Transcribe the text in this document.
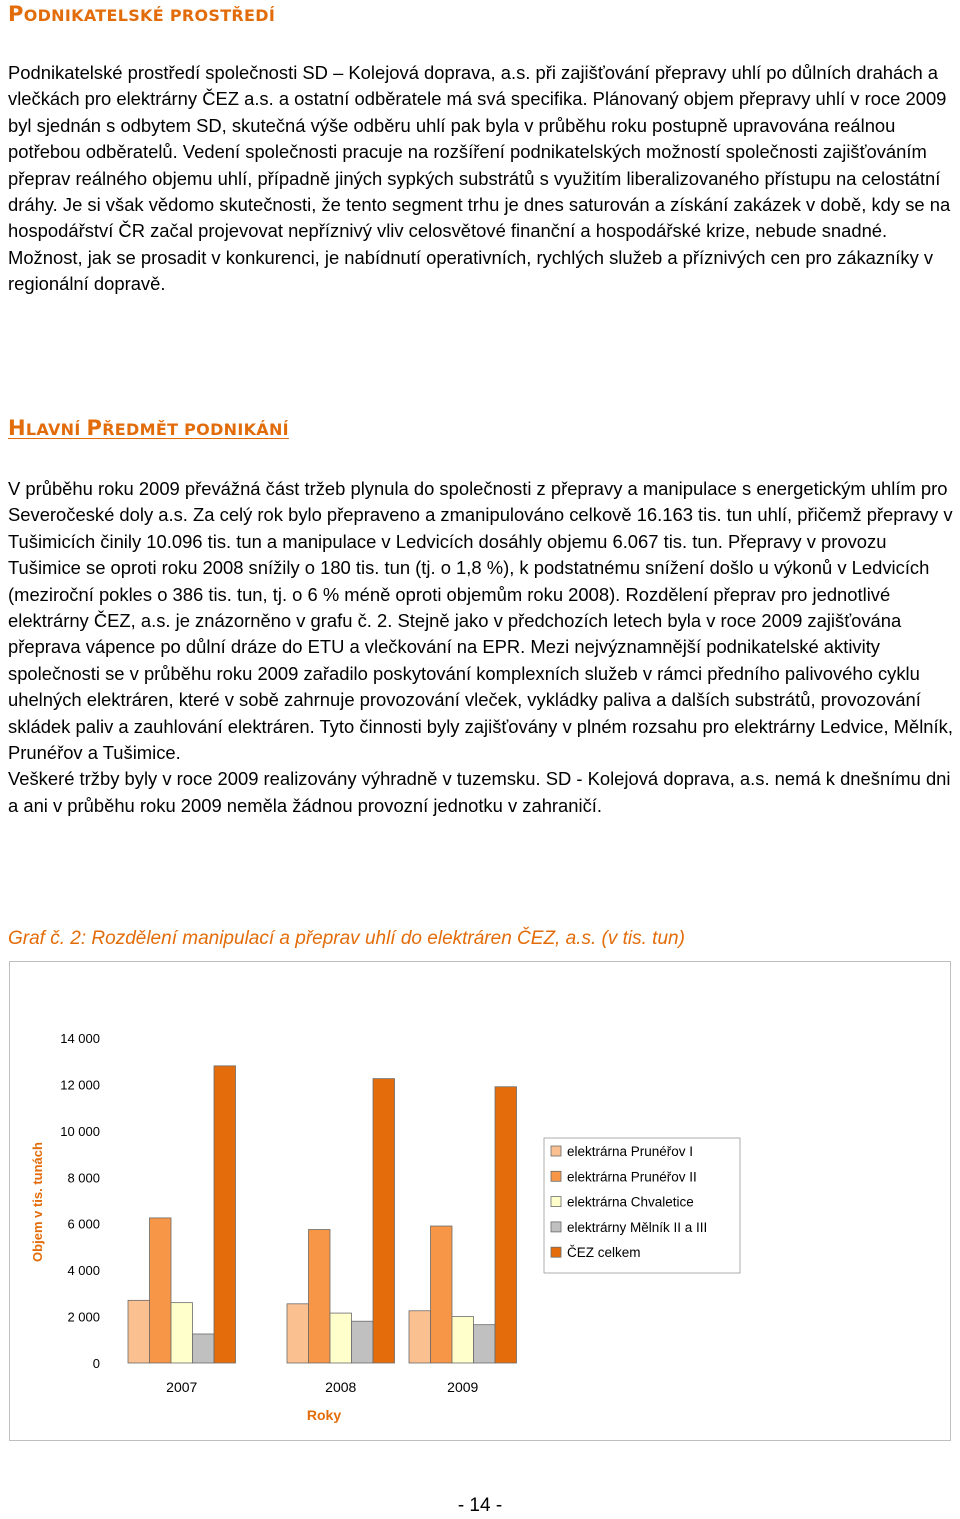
PODNIKATELSKÉ PROSTŘEDÍ

Podnikatelské prostředí společnosti SD – Kolejová doprava, a.s. při zajišťování přepravy uhlí po důlních drahách a vlečkách pro elektrárny ČEZ a.s. a ostatní odběratele má svá specifika. Plánovaný objem přepravy uhlí v roce 2009 byl sjednán s odbytem SD, skutečná výše odběru uhlí pak byla v průběhu roku postupně upravována reálnou potřebou odběratelů. Vedení společnosti pracuje na rozšíření podnikatelských možností společnosti zajišťováním přeprav reálného objemu uhlí, případně jiných sypkých substrátů s využitím liberalizovaného přístupu na celostátní dráhy. Je si však vědomo skutečnosti, že tento segment trhu je dnes saturován a získání zakázek v době, kdy se na hospodářství ČR začal projevovat nepříznivý vliv celosvětové finanční a hospodářské krize, nebude snadné. Možnost, jak se prosadit v konkurenci, je nabídnutí operativních, rychlých služeb a příznivých cen pro zákazníky v regionální dopravě.

HLAVNÍ PŘEDMĚT PODNIKÁNÍ

V průběhu roku 2009 převážná část tržeb plynula do společnosti z přepravy a manipulace s energetickým uhlím pro Severočeské doly a.s. Za celý rok bylo přepraveno a zmanipulováno celkově 16.163 tis. tun uhlí, přičemž přepravy v Tušimicích činily 10.096 tis. tun a manipulace v Ledvicích dosáhly objemu 6.067 tis. tun. Přepravy v provozu Tušimice se oproti roku 2008 snížily o 180 tis. tun (tj. o 1,8 %), k podstatnému snížení došlo u výkonů v Ledvicích (meziroční pokles o 386 tis. tun, tj. o 6 % méně oproti objemům roku 2008). Rozdělení přeprav pro jednotlivé elektrárny ČEZ, a.s. je znázorněno v grafu č. 2. Stejně jako v předchozích letech byla v roce 2009 zajišťována přeprava vápence po důlní dráze do ETU a vlečkování na EPR. Mezi nejvýznamnější podnikatelské aktivity společnosti se v průběhu roku 2009 zařadilo poskytování komplexních služeb v rámci předního palivového cyklu uhelných elektráren, které v sobě zahrnuje provozování vleček, vykládky paliva a dalších substrátů, provozování skládek paliv a zauhlování elektráren. Tyto činnosti byly zajišťovány v plném rozsahu pro elektrárny Ledvice, Mělník, Prunéřov a Tušimice.
Veškeré tržby byly v roce 2009 realizovány výhradně v tuzemsku. SD - Kolejová doprava, a.s. nemá k dnešnímu dni a ani v průběhu roku 2009 neměla žádnou provozní jednotku v zahraničí.

Graf č. 2: Rozdělení manipulací a přeprav uhlí do elektráren ČEZ, a.s. (v tis. tun)
0
2 000
4 000
6 000
8 000
10 000
12 000
14 000
Objem v tis. tunách
2007	2008	2009
Roky
elektrárna Prunéřov I
elektrárna Prunéřov II
elektrárna Chvaletice
elektrárny Mělník II a III
ČEZ celkem
- 14 -
